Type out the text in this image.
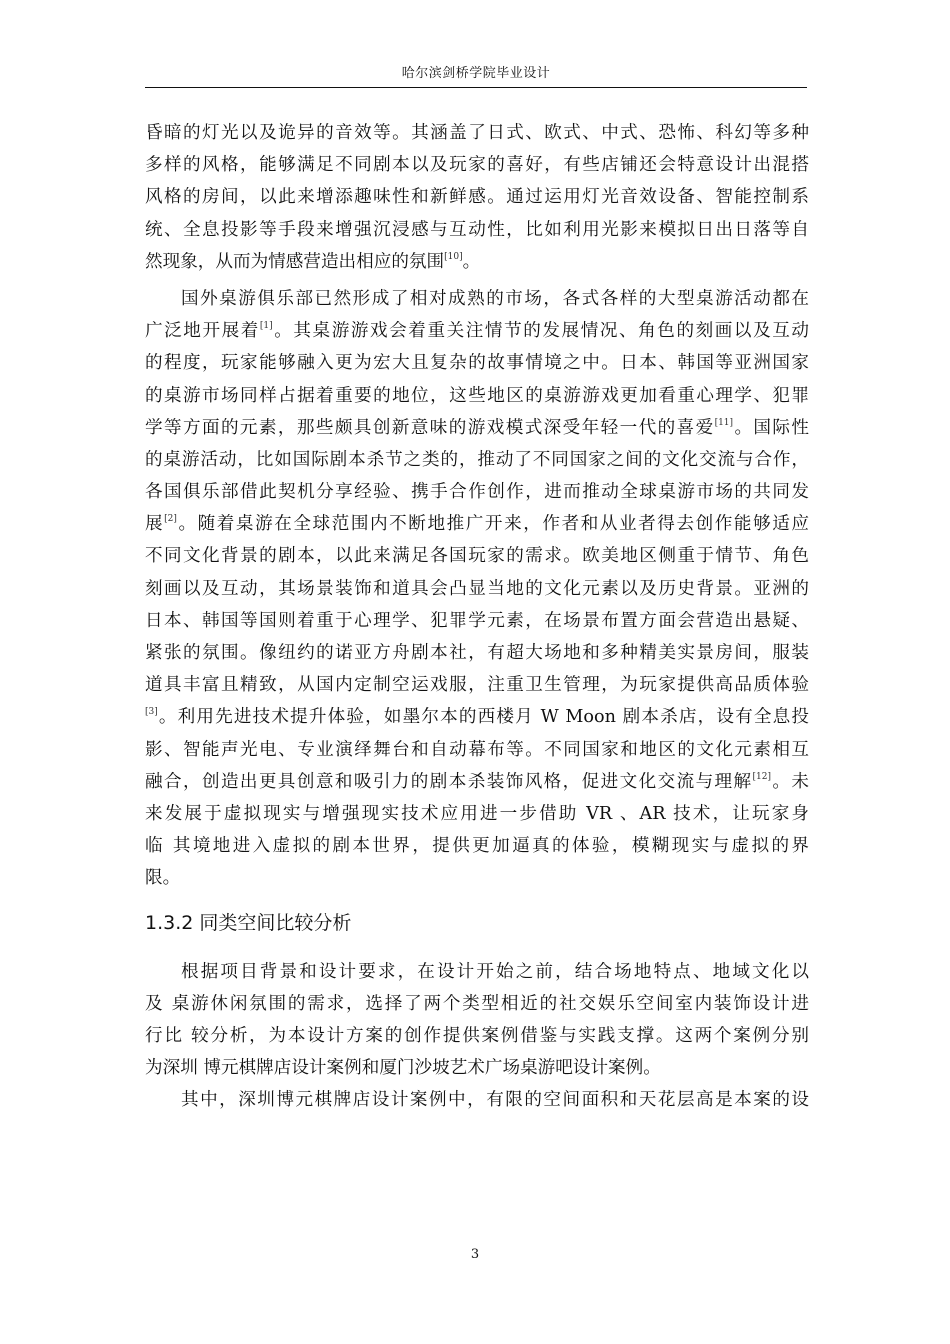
哈尔滨剑桥学院毕业设计
昏暗的灯光以及诡异的音效等。其涵盖了日式、欧式、中式、恐怖、科幻等多种
多样的风格，能够满足不同剧本以及玩家的喜好，有些店铺还会特意设计出混搭
风格的房间，以此来增添趣味性和新鲜感。通过运用灯光音效设备、智能控制系
统、全息投影等手段来增强沉浸感与互动性，比如利用光影来模拟日出日落等自
然现象，从而为情感营造出相应的氛围[10]。
国外桌游俱乐部已然形成了相对成熟的市场，各式各样的大型桌游活动都在
广泛地开展着[1]。其桌游游戏会着重关注情节的发展情况、角色的刻画以及互动
的程度，玩家能够融入更为宏大且复杂的故事情境之中。日本、韩国等亚洲国家
的桌游市场同样占据着重要的地位，这些地区的桌游游戏更加看重心理学、犯罪
学等方面的元素，那些颇具创新意味的游戏模式深受年轻一代的喜爱[11]。国际性
的桌游活动，比如国际剧本杀节之类的，推动了不同国家之间的文化交流与合作，
各国俱乐部借此契机分享经验、携手合作创作，进而推动全球桌游市场的共同发
展[2]。随着桌游在全球范围内不断地推广开来，作者和从业者得去创作能够适应
不同文化背景的剧本，以此来满足各国玩家的需求。欧美地区侧重于情节、角色
刻画以及互动，其场景装饰和道具会凸显当地的文化元素以及历史背景。亚洲的
日本、韩国等国则着重于心理学、犯罪学元素，在场景布置方面会营造出悬疑、
紧张的氛围。像纽约的诺亚方舟剧本社，有超大场地和多种精美实景房间，服装
道具丰富且精致，从国内定制空运戏服，注重卫生管理，为玩家提供高品质体验
[3]。利用先进技术提升体验，如墨尔本的西楼月 W Moon 剧本杀店，设有全息投
影、智能声光电、专业演绎舞台和自动幕布等。不同国家和地区的文化元素相互
融合，创造出更具创意和吸引力的剧本杀装饰风格，促进文化交流与理解[12]。未
来发展于虚拟现实与增强现实技术应用进一步借助 VR 、AR 技术，让玩家身
临 其境地进入虚拟的剧本世界，提供更加逼真的体验，模糊现实与虚拟的界
限。
1.3.2 同类空间比较分析
根据项目背景和设计要求，在设计开始之前，结合场地特点、地域文化以
及 桌游休闲氛围的需求，选择了两个类型相近的社交娱乐空间室内装饰设计进
行比 较分析，为本设计方案的创作提供案例借鉴与实践支撑。这两个案例分别
为深圳 博元棋牌店设计案例和厦门沙坡艺术广场桌游吧设计案例。
其中，深圳博元棋牌店设计案例中，有限的空间面积和天花层高是本案的设
3
